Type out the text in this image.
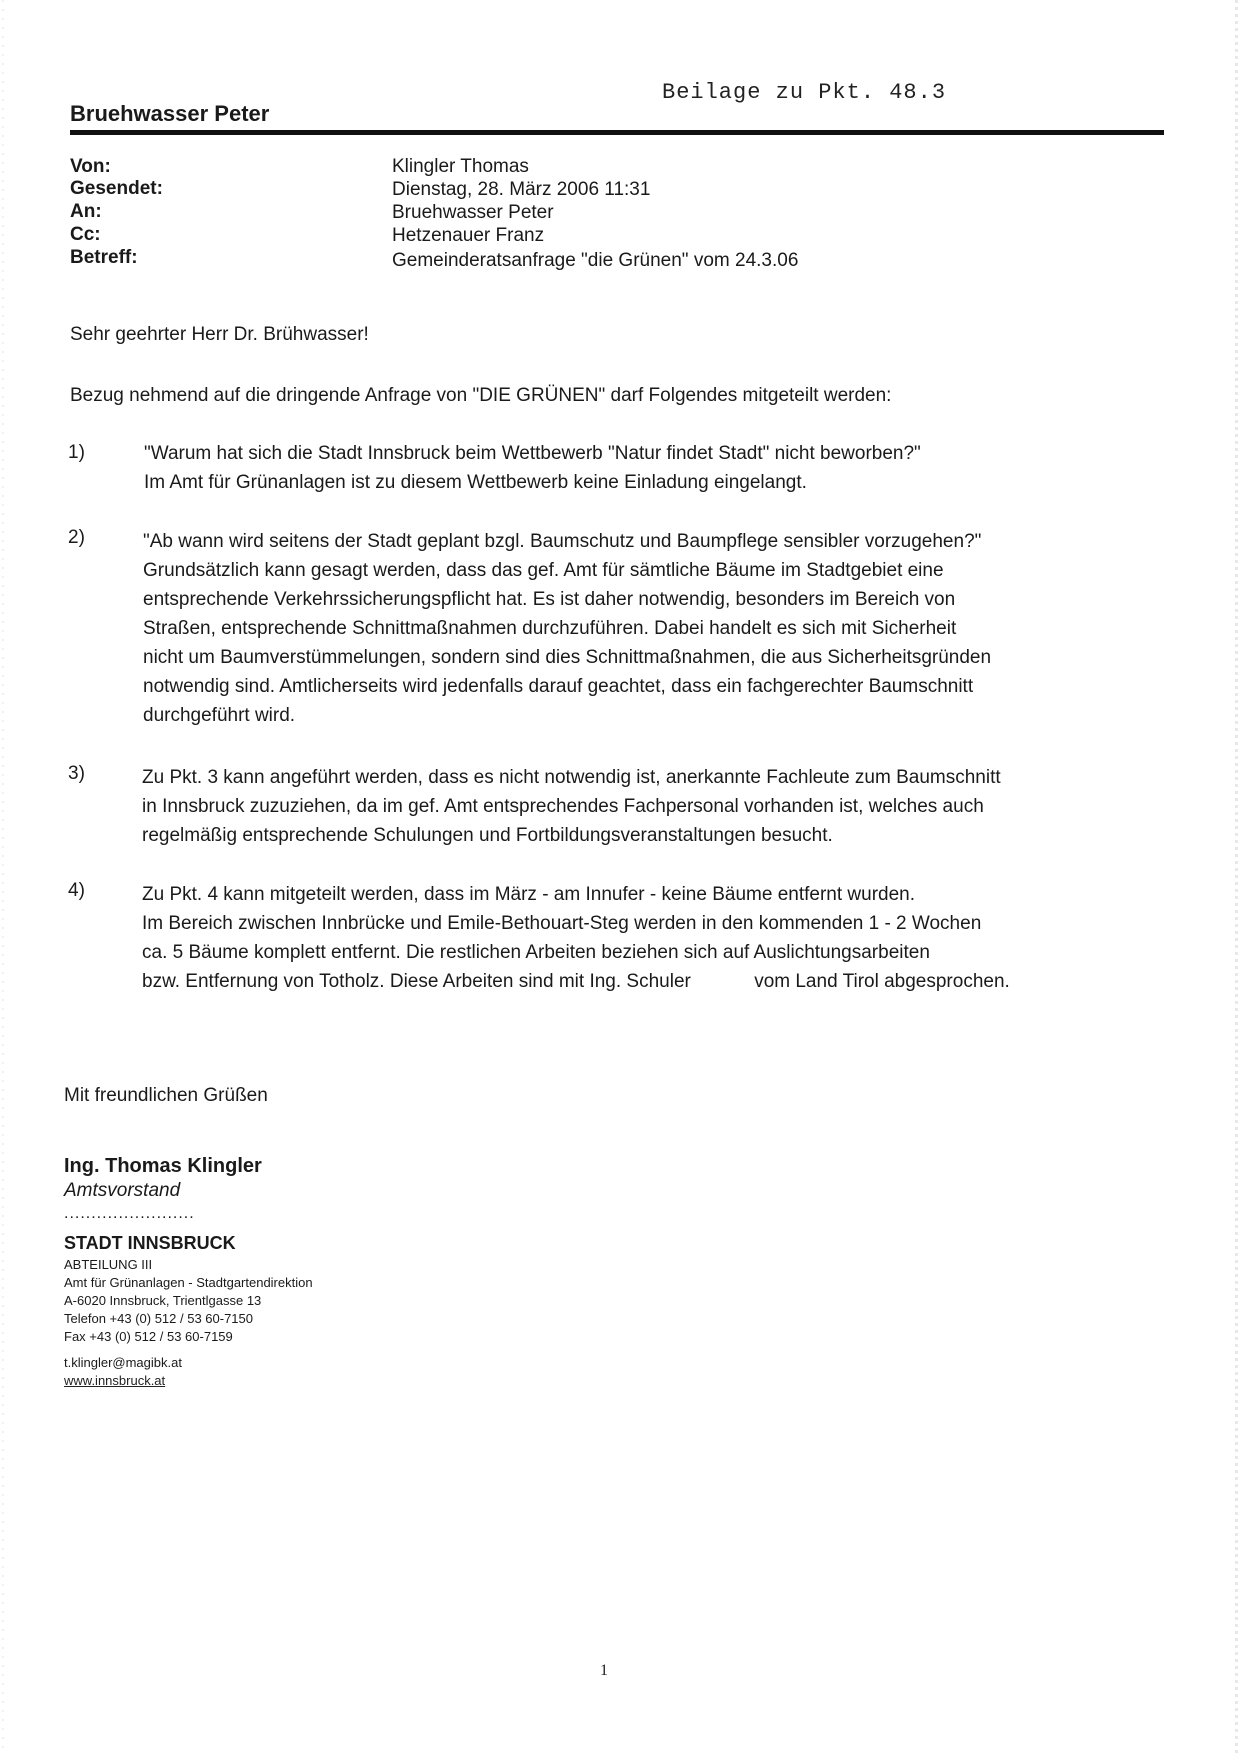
Beilage zu Pkt. 48.3
Bruehwasser Peter
Von:	Klingler Thomas
Gesendet:	Dienstag, 28. März 2006 11:31
An:	Bruehwasser Peter
Cc:	Hetzenauer Franz
Betreff:	Gemeinderatsanfrage "die Grünen" vom 24.3.06
Sehr geehrter Herr Dr. Brühwasser!
Bezug nehmend auf die dringende Anfrage von "DIE GRÜNEN" darf Folgendes mitgeteilt werden:
1)	"Warum hat sich die Stadt Innsbruck beim Wettbewerb "Natur findet Stadt" nicht beworben?"
Im Amt für Grünanlagen ist zu diesem Wettbewerb keine Einladung eingelangt.
2)	"Ab wann wird seitens der Stadt geplant bzgl. Baumschutz und Baumpflege sensibler vorzugehen?"
Grundsätzlich kann gesagt werden, dass das gef. Amt für sämtliche Bäume im Stadtgebiet eine
entsprechende Verkehrssicherungspflicht hat. Es ist daher notwendig, besonders im Bereich von
Straßen, entsprechende Schnittmaßnahmen durchzuführen. Dabei handelt es sich mit Sicherheit
nicht um Baumverstümmelungen, sondern sind dies Schnittmaßnahmen, die aus Sicherheitsgründen
notwendig sind. Amtlicherseits wird jedenfalls darauf geachtet, dass ein fachgerechter Baumschnitt
durchgeführt wird.
3)	Zu Pkt. 3 kann angeführt werden, dass es nicht notwendig ist, anerkannte Fachleute zum Baumschnitt
in Innsbruck zuzuziehen, da im gef. Amt entsprechendes Fachpersonal vorhanden ist, welches auch
regelmäßig entsprechende Schulungen und Fortbildungsveranstaltungen besucht.
4)	Zu Pkt. 4 kann mitgeteilt werden, dass im März - am Innufer - keine Bäume entfernt wurden.
Im Bereich zwischen Innbrücke und Emile-Bethouart-Steg werden in den kommenden 1 - 2 Wochen
ca. 5 Bäume komplett entfernt. Die restlichen Arbeiten beziehen sich auf Auslichtungsarbeiten
bzw. Entfernung von Totholz. Diese Arbeiten sind mit Ing. Schuler            vom Land Tirol abgesprochen.
Mit freundlichen Grüßen
Ing. Thomas Klingler
Amtsvorstand
........................
STADT INNSBRUCK
ABTEILUNG III
Amt für Grünanlagen - Stadtgartendirektion
A-6020 Innsbruck, Trientlgasse 13
Telefon +43 (0) 512 / 53 60-7150
Fax +43 (0) 512 / 53 60-7159
t.klingler@magibk.at
www.innsbruck.at
1
